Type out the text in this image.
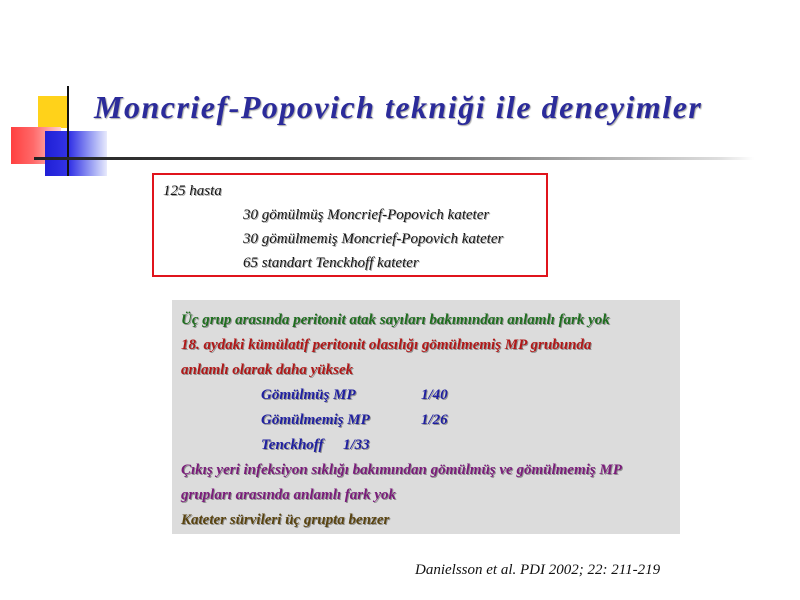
Moncrief-Popovich tekniği ile deneyimler
125 hasta
30 gömülmüş Moncrief-Popovich kateter
30 gömülmemiş Moncrief-Popovich kateter
65 standart Tenckhoff kateter
Üç grup arasında peritonit atak sayıları bakımından anlamlı fark yok
18. aydaki kümülatif peritonit olasılığı gömülmemiş MP grubunda
anlamlı olarak daha yüksek
Gömülmüş MP	1/40
Gömülmemiş MP	1/26
Tenckhoff 1/33
Çıkış yeri infeksiyon sıklığı bakımından gömülmüş ve gömülmemiş MP
grupları arasında anlamlı fark yok
Kateter sürvileri üç grupta benzer

Danielsson et al. PDI 2002; 22: 211-219
